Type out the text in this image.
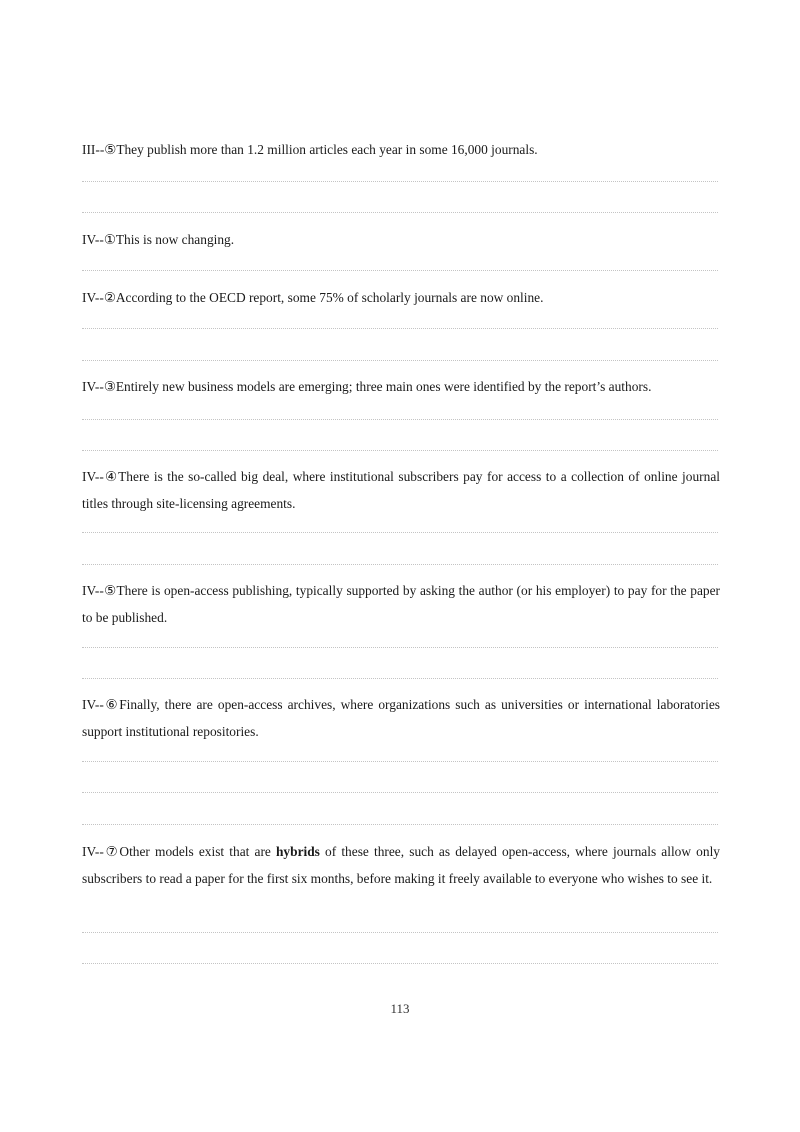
III--⑤They publish more than 1.2 million articles each year in some 16,000 journals.

IV--①This is now changing.

IV--②According to the OECD report, some 75% of scholarly journals are now online.

IV--③Entirely new business models are emerging; three main ones were identified by the report’s authors.

IV--④There is the so-called big deal, where institutional subscribers pay for access to a collection of online journal titles through site-licensing agreements.

IV--⑤There is open-access publishing, typically supported by asking the author (or his employer) to pay for the paper to be published.

IV--⑥Finally, there are open-access archives, where organizations such as universities or international laboratories support institutional repositories.

IV--⑦Other models exist that are hybrids of these three, such as delayed open-access, where journals allow only subscribers to read a paper for the first six months, before making it freely available to everyone who wishes to see it.

113
